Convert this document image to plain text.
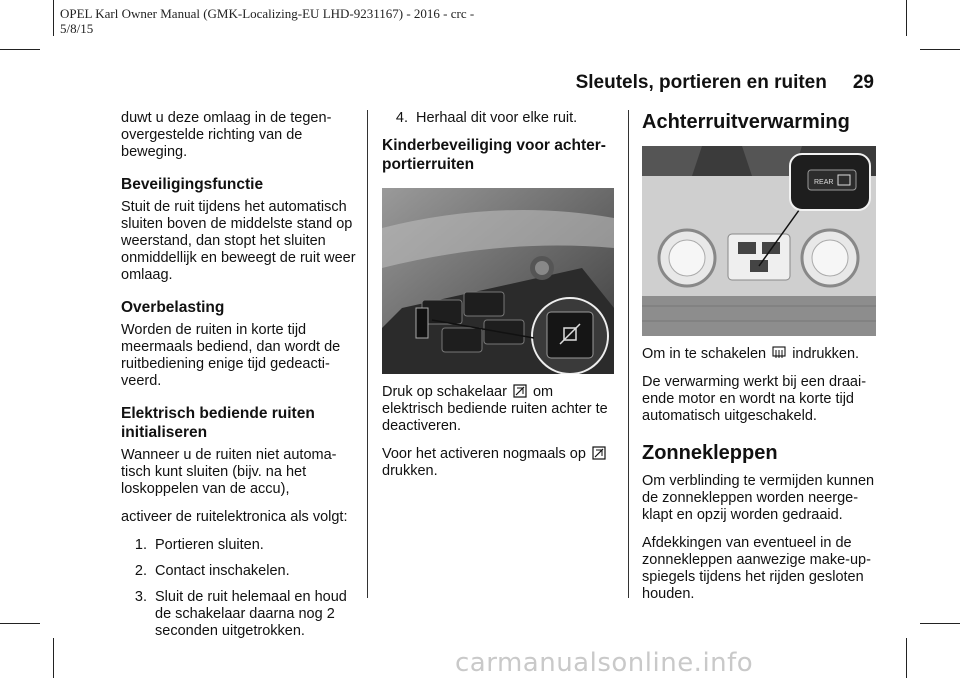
OPEL Karl Owner Manual (GMK-Localizing-EU LHD-9231167) - 2016 - crc - 5/8/15
Sleutels, portieren en ruiten 29

duwt u deze omlaag in de tegen-overgestelde richting van de beweging.

Beveiligingsfunctie

Stuit de ruit tijdens het automatisch sluiten boven de middelste stand op weerstand, dan stopt het sluiten onmiddellijk en beweegt de ruit weer omlaag.

Overbelasting

Worden de ruiten in korte tijd meermaals bediend, dan wordt de ruitbediening enige tijd gedeacti-veerd.

Elektrisch bediende ruiten initialiseren

Wanneer u de ruiten niet automa-tisch kunt sluiten (bijv. na het loskoppelen van de accu),

activeer de ruitelektronica als volgt:

1. Portieren sluiten.
2. Contact inschakelen.
3. Sluit de ruit helemaal en houd de schakelaar daarna nog 2 seconden uitgetrokken.
4. Herhaal dit voor elke ruit.
Kinderbeveiliging voor achter-portierruiten

Druk op schakelaar om elektrisch bediende ruiten achter te deactiveren.

Voor het activeren nogmaals op  drukken.

Achterruitverwarming
REAR

Om in te schakelen indrukken.

De verwarming werkt bij een draai-ende motor en wordt na korte tijd automatisch uitgeschakeld.

Zonnekleppen

Om verblinding te vermijden kunnen de zonnekleppen worden neerge-klapt en opzij worden gedraaid.

Afdekkingen van eventueel in de zonnekleppen aanwezige make-up-spiegels tijdens het rijden gesloten houden.

carmanualsonline.info
